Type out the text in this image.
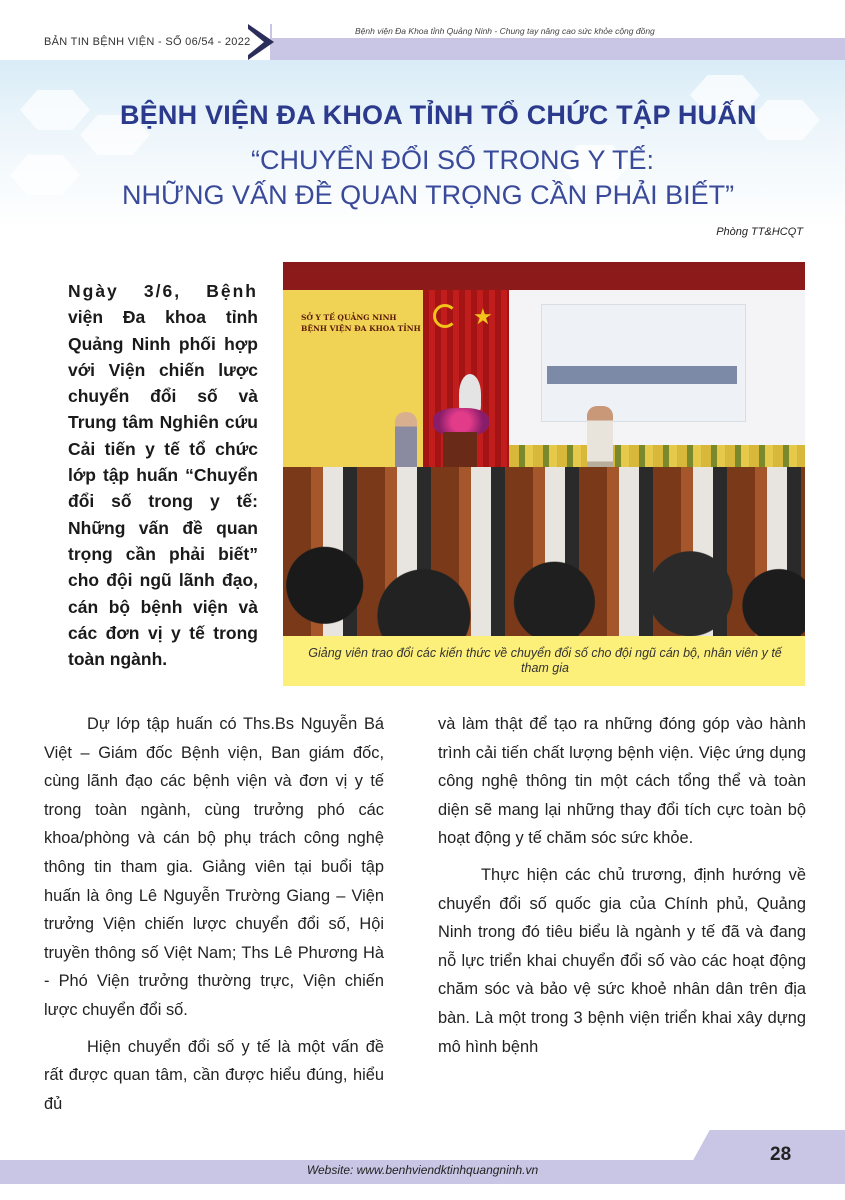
BẢN TIN BỆNH VIỆN - SỐ 06/54 - 2022
Bệnh viện Đa Khoa tỉnh Quảng Ninh - Chung tay nâng cao sức khỏe cộng đồng
BỆNH VIỆN ĐA KHOA TỈNH TỔ CHỨC TẬP HUẤN
“CHUYỂN ĐỔI SỐ TRONG Y TẾ:
NHỮNG VẤN ĐỀ QUAN TRỌNG CẦN PHẢI BIẾT”
Phòng TT&HCQT
Ngày 3/6, Bệnh viện Đa khoa tỉnh Quảng Ninh phối hợp với Viện chiến lược chuyển đổi số và Trung tâm Nghiên cứu Cải tiến y tế tổ chức lớp tập huấn “Chuyển đổi số trong y tế: Những vấn đề quan trọng cần phải biết” cho đội ngũ lãnh đạo, cán bộ bệnh viện và các đơn vị y tế trong toàn ngành.
SỞ Y TẾ QUẢNG NINH
BỆNH VIỆN ĐA KHOA TỈNH ★
Giảng viên trao đổi các kiến thức về chuyển đổi số cho đội ngũ cán bộ, nhân viên y tế tham gia

Dự lớp tập huấn có Ths.Bs Nguyễn Bá Việt – Giám đốc Bệnh viện, Ban giám đốc, cùng lãnh đạo các bệnh viện và đơn vị y tế trong toàn ngành, cùng trưởng phó các khoa/phòng và cán bộ phụ trách công nghệ thông tin tham gia. Giảng viên tại buổi tập huấn là ông Lê Nguyễn Trường Giang – Viện trưởng Viện chiến lược chuyển đổi số, Hội truyền thông số Việt Nam; Ths Lê Phương Hà - Phó Viện trưởng thường trực, Viện chiến lược chuyển đổi số.

Hiện chuyển đổi số y tế là một vấn đề rất được quan tâm, cần được hiểu đúng, hiểu đủ

và làm thật để tạo ra những đóng góp vào hành trình cải tiến chất lượng bệnh viện. Việc ứng dụng công nghệ thông tin một cách tổng thể và toàn diện sẽ mang lại những thay đổi tích cực toàn bộ hoạt động y tế chăm sóc sức khỏe.

Thực hiện các chủ trương, định hướng về chuyển đổi số quốc gia của Chính phủ, Quảng Ninh trong đó tiêu biểu là ngành y tế đã và đang nỗ lực triển khai chuyển đổi số vào các hoạt động chăm sóc và bảo vệ sức khoẻ nhân dân trên địa bàn. Là một trong 3 bệnh viện triển khai xây dựng mô hình bệnh

Website: www.benhviendktinhquangninh.vn
28
